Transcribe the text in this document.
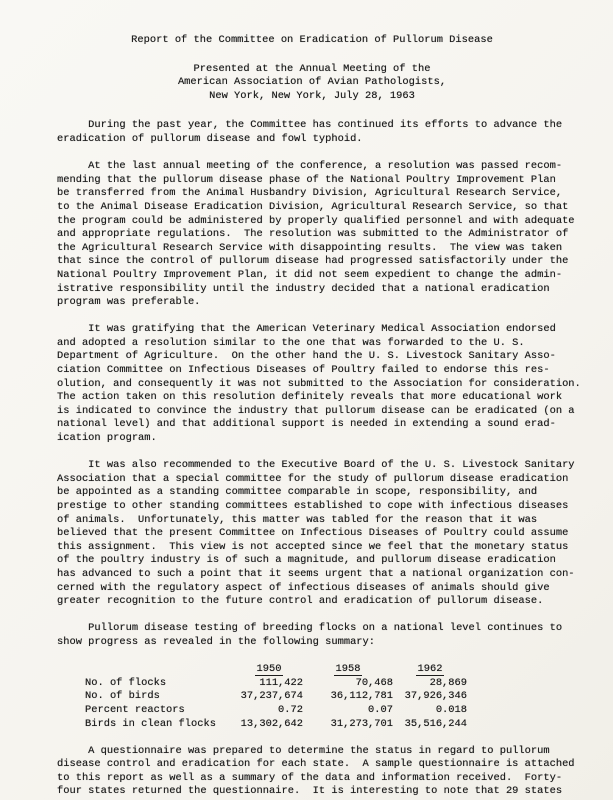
Report of the Committee on Eradication of Pullorum Disease
Presented at the Annual Meeting of the
American Association of Avian Pathologists,
New York, New York, July 28, 1963
During the past year, the Committee has continued its efforts to advance the
eradication of pullorum disease and fowl typhoid.
At the last annual meeting of the conference, a resolution was passed recom-
mending that the pullorum disease phase of the National Poultry Improvement Plan
be transferred from the Animal Husbandry Division, Agricultural Research Service,
to the Animal Disease Eradication Division, Agricultural Research Service, so that
the program could be administered by properly qualified personnel and with adequate
and appropriate regulations.  The resolution was submitted to the Administrator of
the Agricultural Research Service with disappointing results.  The view was taken
that since the control of pullorum disease had progressed satisfactorily under the
National Poultry Improvement Plan, it did not seem expedient to change the admin-
istrative responsibility until the industry decided that a national eradication
program was preferable.
It was gratifying that the American Veterinary Medical Association endorsed
and adopted a resolution similar to the one that was forwarded to the U. S.
Department of Agriculture.  On the other hand the U. S. Livestock Sanitary Asso-
ciation Committee on Infectious Diseases of Poultry failed to endorse this res-
olution, and consequently it was not submitted to the Association for consideration.
The action taken on this resolution definitely reveals that more educational work
is indicated to convince the industry that pullorum disease can be eradicated (on a
national level) and that additional support is needed in extending a sound erad-
ication program.
It was also recommended to the Executive Board of the U. S. Livestock Sanitary
Association that a special committee for the study of pullorum disease eradication
be appointed as a standing committee comparable in scope, responsibility, and
prestige to other standing committees established to cope with infectious diseases
of animals.  Unfortunately, this matter was tabled for the reason that it was
believed that the present Committee on Infectious Diseases of Poultry could assume
this assignment.  This view is not accepted since we feel that the monetary status
of the poultry industry is of such a magnitude, and pullorum disease eradication
has advanced to such a point that it seems urgent that a national organization con-
cerned with the regulatory aspect of infectious diseases of animals should give
greater recognition to the future control and eradication of pullorum disease.
Pullorum disease testing of breeding flocks on a national level continues to
show progress as revealed in the following summary:
1950	1958	1962
No. of flocks	111,422	70,468	28,869
No. of birds	37,237,674	36,112,781	37,926,346
Percent reactors	0.72	0.07	0.018
Birds in clean flocks	13,302,642	31,273,701	35,516,244
A questionnaire was prepared to determine the status in regard to pullorum
disease control and eradication for each state.  A sample questionnaire is attached
to this report as well as a summary of the data and information received.  Forty-
four states returned the questionnaire.  It is interesting to note that 29 states
